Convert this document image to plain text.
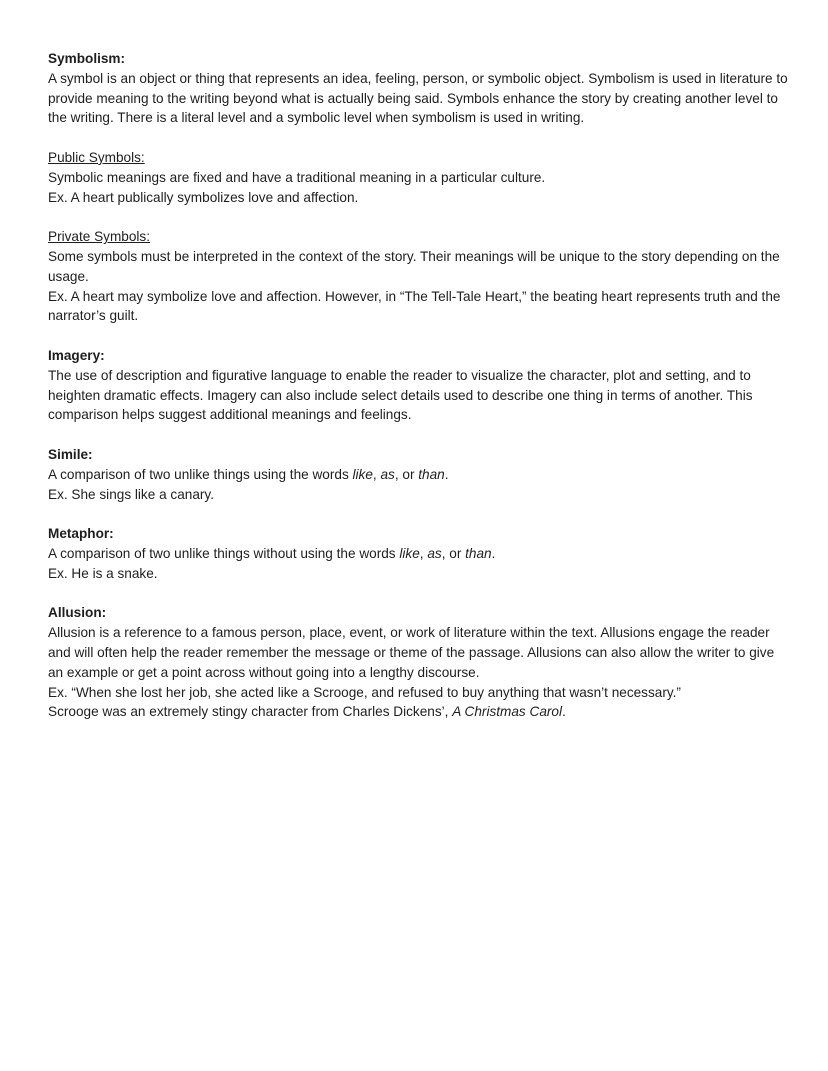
Symbolism:

A symbol is an object or thing that represents an idea, feeling, person, or symbolic object. Symbolism is used in literature to provide meaning to the writing beyond what is actually being said. Symbols enhance the story by creating another level to the writing. There is a literal level and a symbolic level when symbolism is used in writing.

Public Symbols:

Symbolic meanings are fixed and have a traditional meaning in a particular culture.

Ex. A heart publically symbolizes love and affection.

Private Symbols:

Some symbols must be interpreted in the context of the story. Their meanings will be unique to the story depending on the usage.

Ex. A heart may symbolize love and affection. However, in “The Tell-Tale Heart,” the beating heart represents truth and the narrator’s guilt.

Imagery:

The use of description and figurative language to enable the reader to visualize the character, plot and setting, and to heighten dramatic effects. Imagery can also include select details used to describe one thing in terms of another. This comparison helps suggest additional meanings and feelings.

Simile:

A comparison of two unlike things using the words like, as, or than.

Ex. She sings like a canary.

Metaphor:

A comparison of two unlike things without using the words like, as, or than.

Ex. He is a snake.

Allusion:

Allusion is a reference to a famous person, place, event, or work of literature within the text. Allusions engage the reader and will often help the reader remember the message or theme of the passage. Allusions can also allow the writer to give an example or get a point across without going into a lengthy discourse.

Ex. “When she lost her job, she acted like a Scrooge, and refused to buy anything that wasn’t necessary.”

Scrooge was an extremely stingy character from Charles Dickens’, A Christmas Carol.
